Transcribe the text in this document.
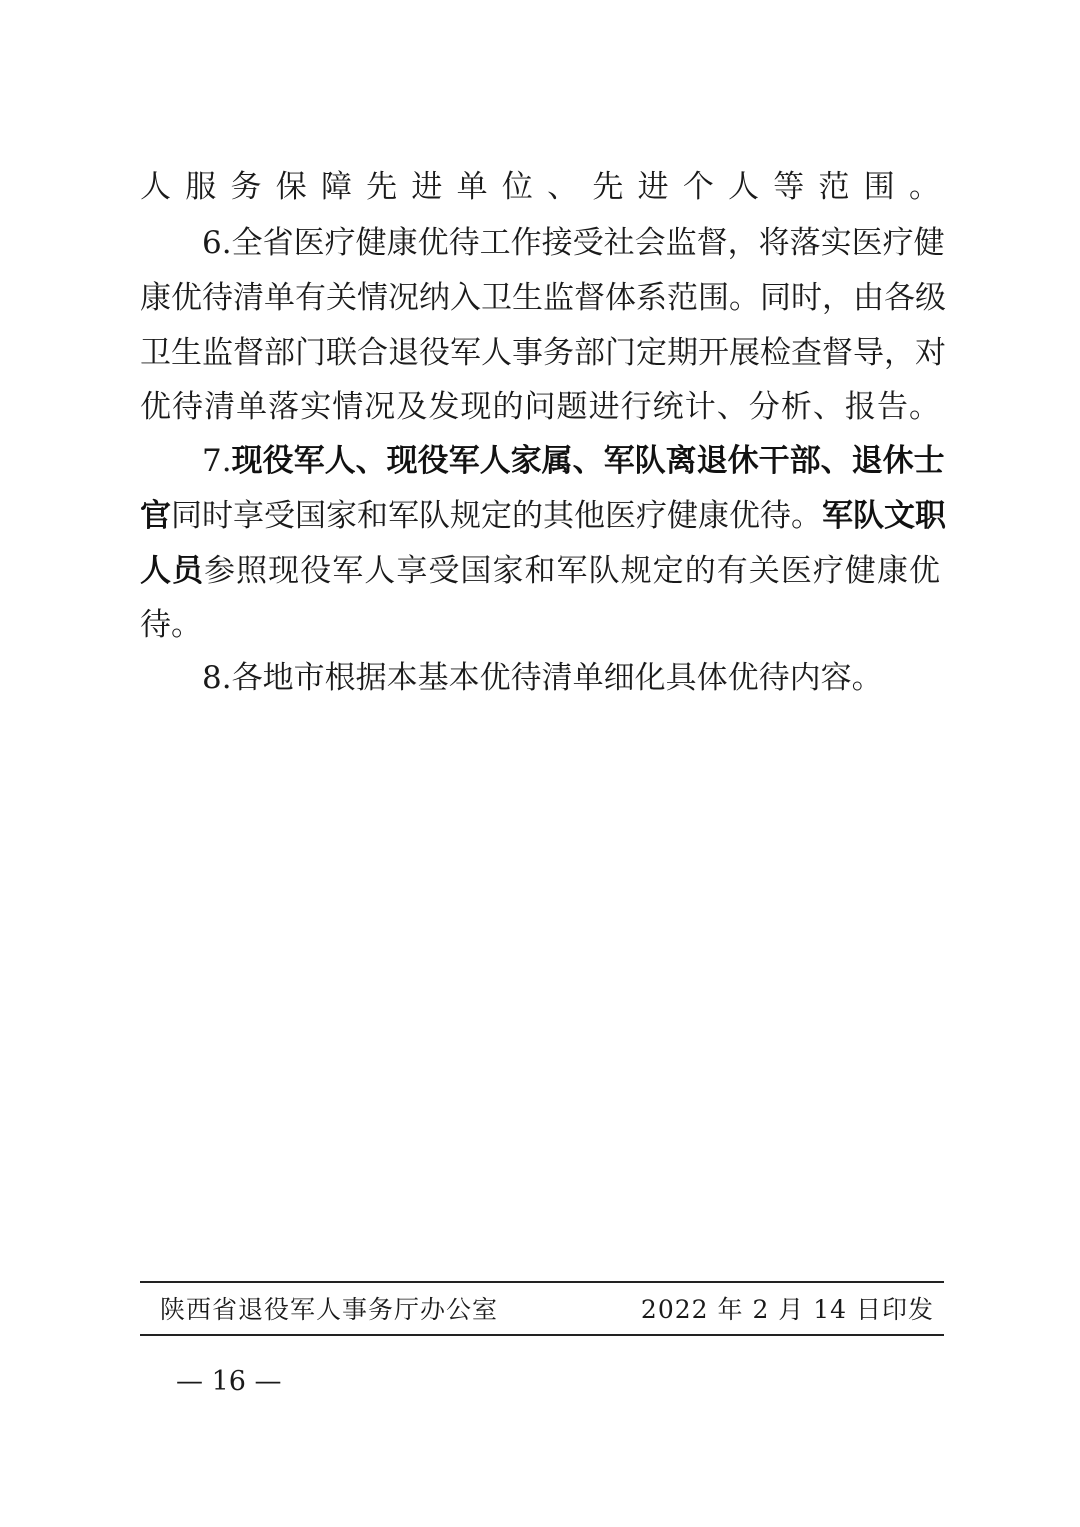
人服务保障先进单位、先进个人等范围。
6.全省医疗健康优待工作接受社会监督，将落实医疗健
康优待清单有关情况纳入卫生监督体系范围。同时，由各级
卫生监督部门联合退役军人事务部门定期开展检查督导，对
优待清单落实情况及发现的问题进行统计、分析、报告。
7.现役军人、现役军人家属、军队离退休干部、退休士
官同时享受国家和军队规定的其他医疗健康优待。军队文职
人员参照现役军人享受国家和军队规定的有关医疗健康优
待。
8.各地市根据本基本优待清单细化具体优待内容。
陕西省退役军人事务厅办公室	2022 年 2 月 14 日印发
— 16 —
